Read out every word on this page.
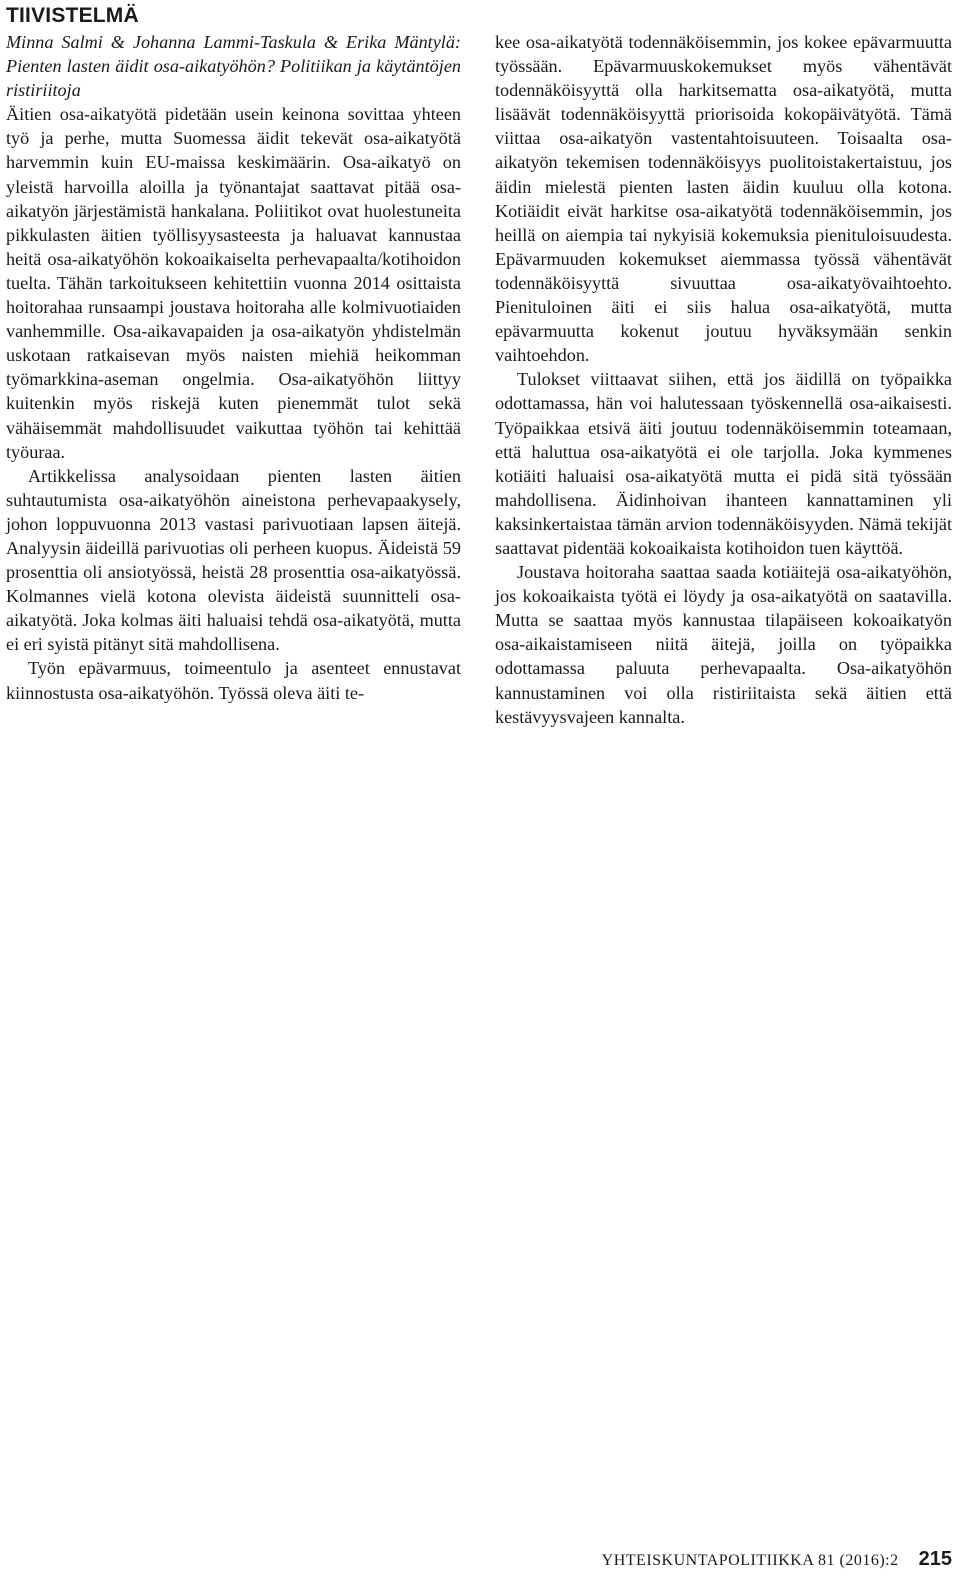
TIIVISTELMÄ

Minna Salmi & Johanna Lammi-Taskula & Erika Mäntylä: Pienten lasten äidit osa-aikatyöhön? Politiikan ja käytäntöjen ristiriitoja

Äitien osa-aikatyötä pidetään usein keinona sovittaa yhteen työ ja perhe, mutta Suomessa äidit tekevät osa-aikatyötä harvemmin kuin EU-maissa keskimäärin. Osa-aikatyö on yleistä harvoilla aloilla ja työnantajat saattavat pitää osa-aikatyön järjestämistä hankalana. Poliitikot ovat huolestuneita pikkulasten äitien työllisyysasteesta ja haluavat kannustaa heitä osa-aikatyöhön kokoaikaiselta perhevapaalta/kotihoidon tuelta. Tähän tarkoitukseen kehitettiin vuonna 2014 osittaista hoitorahaa runsaampi joustava hoitoraha alle kolmivuotiaiden vanhemmille. Osa-aikavapaiden ja osa-aikatyön yhdistelmän uskotaan ratkaisevan myös naisten miehiä heikomman työmarkkina-aseman ongelmia. Osa-aikatyöhön liittyy kuitenkin myös riskejä kuten pienemmät tulot sekä vähäisemmät mahdollisuudet vaikuttaa työhön tai kehittää työuraa.

Artikkelissa analysoidaan pienten lasten äitien suhtautumista osa-aikatyöhön aineistona perhevapaakysely, johon loppuvuonna 2013 vastasi parivuotiaan lapsen äitejä. Analyysin äideillä parivuotias oli perheen kuopus. Äideistä 59 prosenttia oli ansiotyössä, heistä 28 prosenttia osa-aikatyössä. Kolmannes vielä kotona olevista äideistä suunnitteli osa-aikatyötä. Joka kolmas äiti haluaisi tehdä osa-aikatyötä, mutta ei eri syistä pitänyt sitä mahdollisena.

Työn epävarmuus, toimeentulo ja asenteet ennustavat kiinnostusta osa-aikatyöhön. Työssä oleva äiti te-

kee osa-aikatyötä todennäköisemmin, jos kokee epävarmuutta työssään. Epävarmuuskokemukset myös vähentävät todennäköisyyttä olla harkitsematta osa-aikatyötä, mutta lisäävät todennäköisyyttä priorisoida kokopäivätyötä. Tämä viittaa osa-aikatyön vastentahtoisuuteen. Toisaalta osa-aikatyön tekemisen todennäköisyys puolitoistakertaistuu, jos äidin mielestä pienten lasten äidin kuuluu olla kotona. Kotiäidit eivät harkitse osa-aikatyötä todennäköisemmin, jos heillä on aiempia tai nykyisiä kokemuksia pienituloisuudesta. Epävarmuuden kokemukset aiemmassa työssä vähentävät todennäköisyyttä sivuuttaa osa-aikatyövaihtoehto. Pienituloinen äiti ei siis halua osa-aikatyötä, mutta epävarmuutta kokenut joutuu hyväksymään senkin vaihtoehdon.

Tulokset viittaavat siihen, että jos äidillä on työpaikka odottamassa, hän voi halutessaan työskennellä osa-aikaisesti. Työpaikkaa etsivä äiti joutuu todennäköisemmin toteamaan, että haluttua osa-aikatyötä ei ole tarjolla. Joka kymmenes kotiäiti haluaisi osa-aikatyötä mutta ei pidä sitä työssään mahdollisena. Äidinhoivan ihanteen kannattaminen yli kaksinkertaistaa tämän arvion todennäköisyyden. Nämä tekijät saattavat pidentää kokoaikaista kotihoidon tuen käyttöä.

Joustava hoitoraha saattaa saada kotiäitejä osa-aikatyöhön, jos kokoaikaista työtä ei löydy ja osa-aikatyötä on saatavilla. Mutta se saattaa myös kannustaa tilapäiseen kokoaikatyön osa-aikaistamiseen niitä äitejä, joilla on työpaikka odottamassa paluuta perhevapaalta. Osa-aikatyöhön kannustaminen voi olla ristiriitaista sekä äitien että kestävyysvajeen kannalta.

YHTEISKUNTAPOLITIIKKA 81 (2016):2 215
